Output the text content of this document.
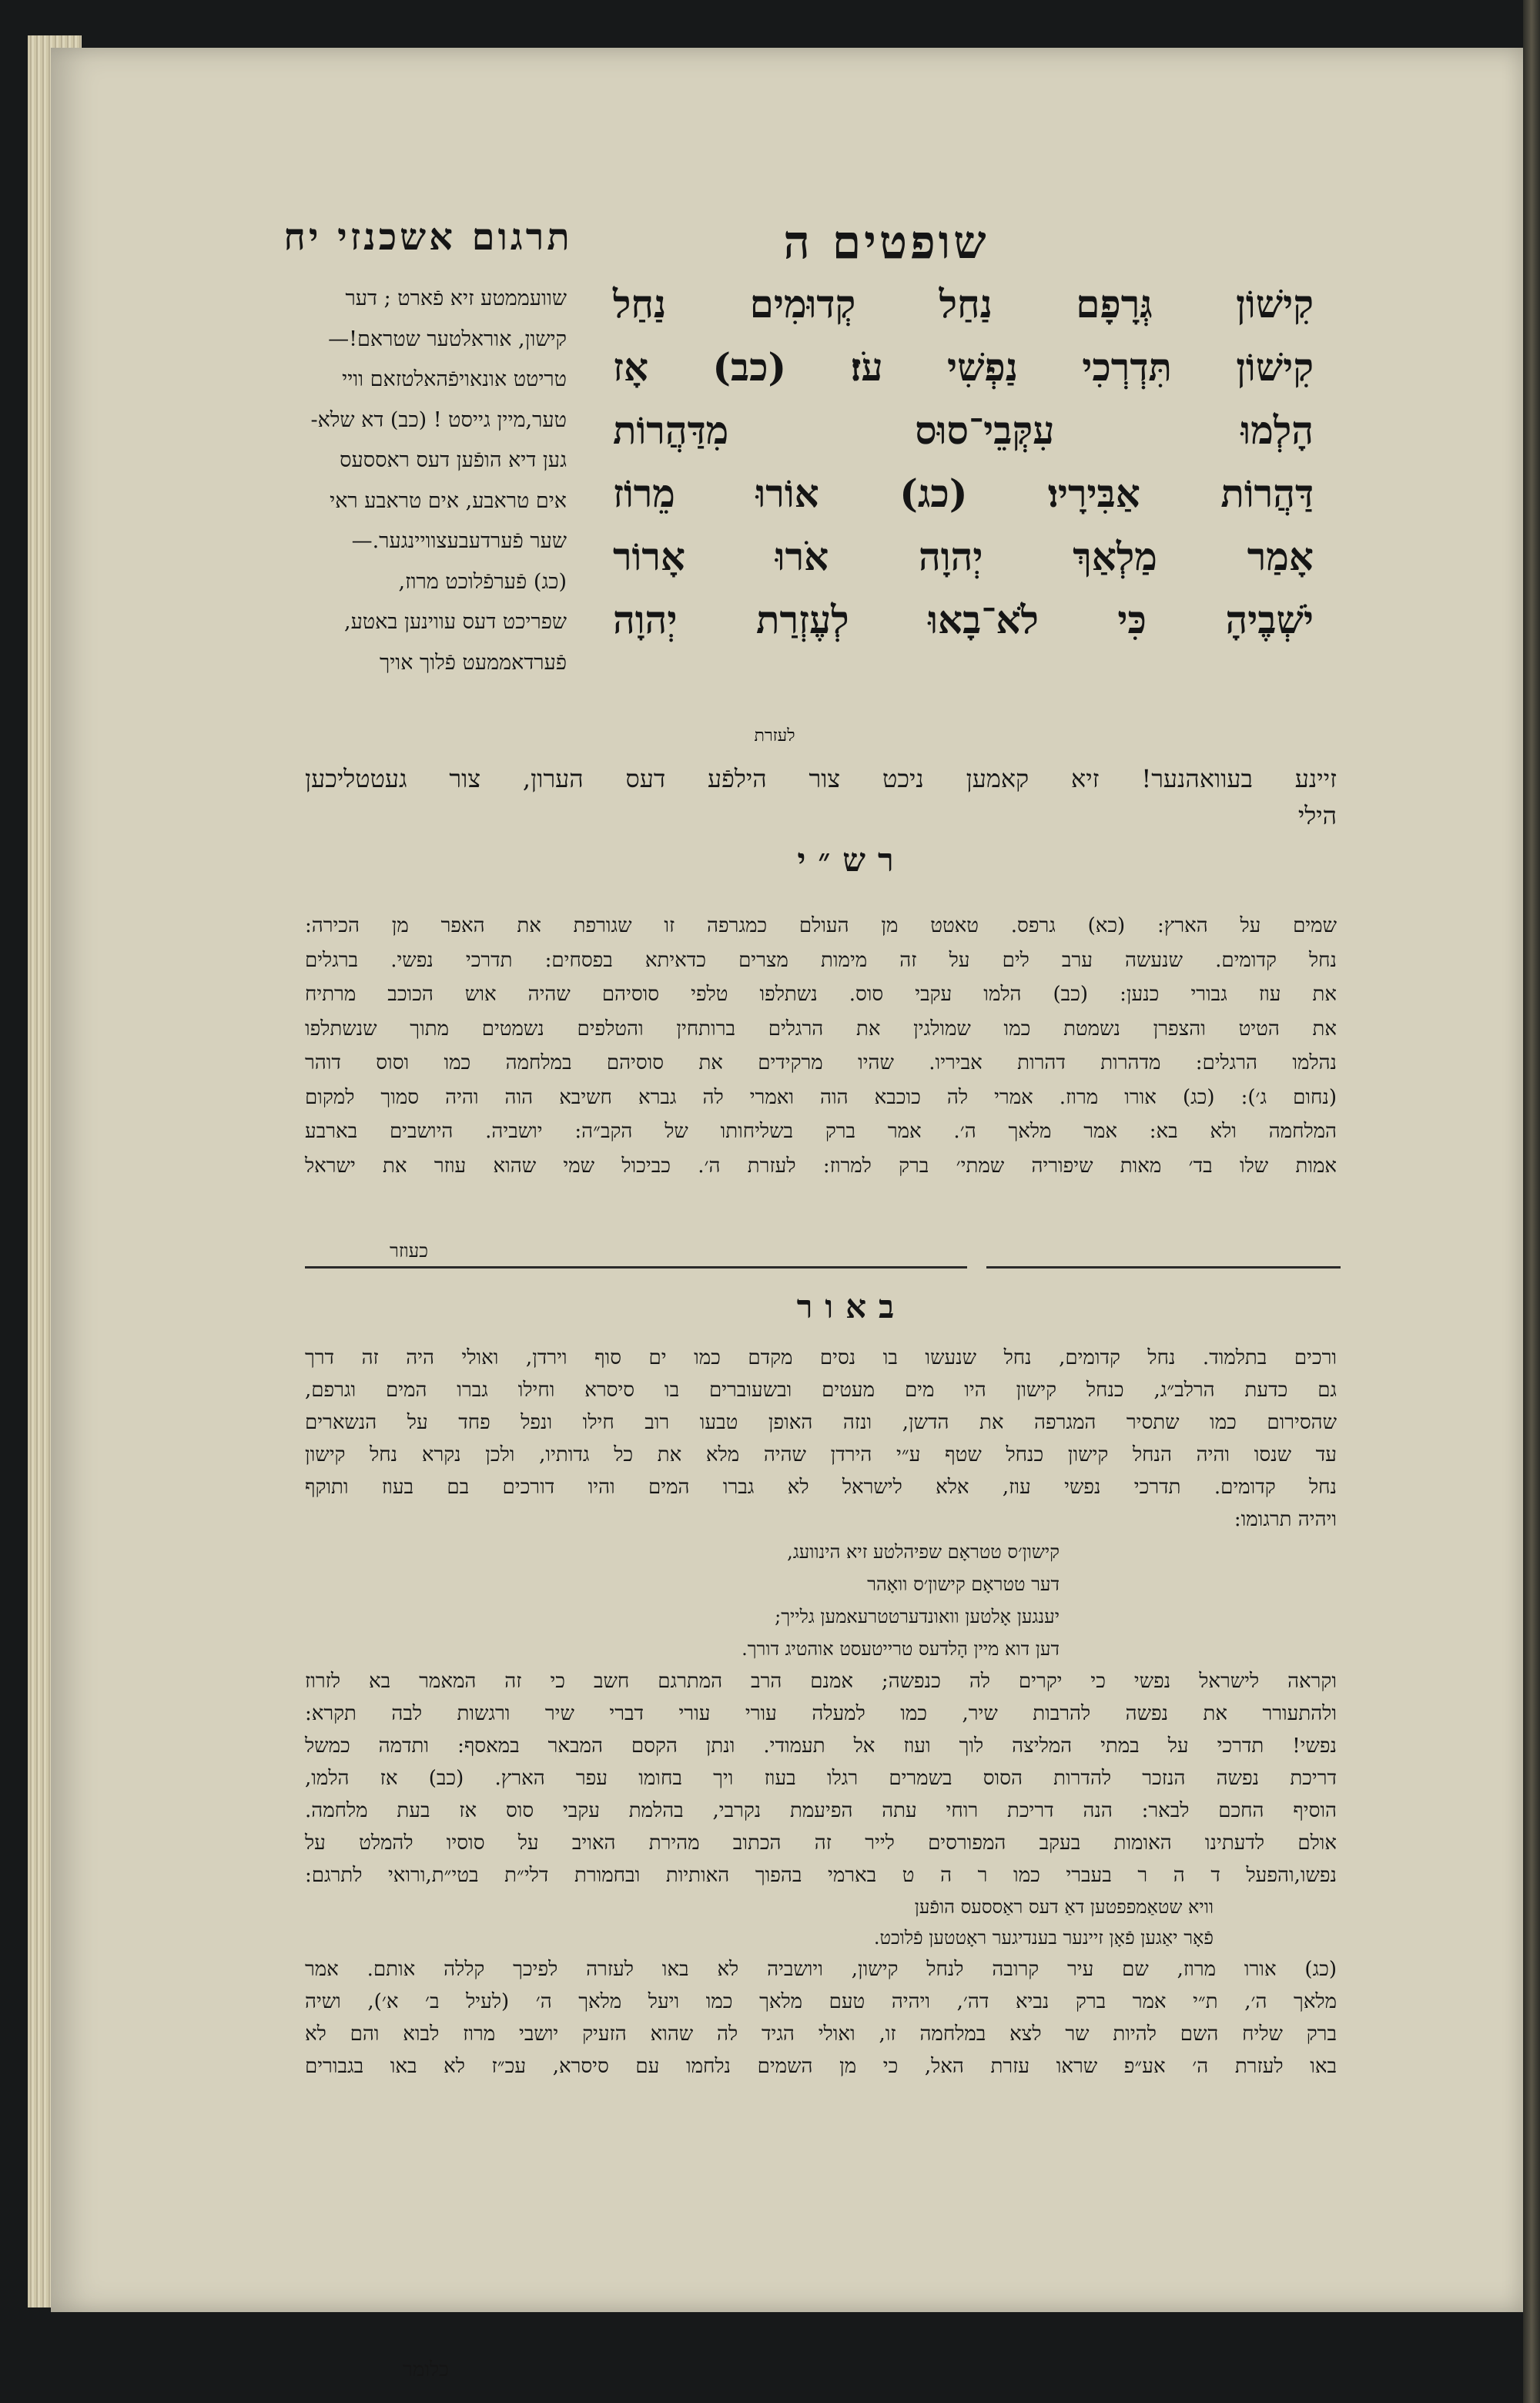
שופטים ה
תרגום אשכנזי יח
שוועממטע זיא פֿארט ; דער
קישון, אורא‍לטער שטראם!—
טריטט אונאויפֿהאלטזאם וויי
טער,מיין גייסט ! (כב) דא שלא-
גען דיא הופֿען דעס ראססעס
אים טראבע, אים טראבע ראי
שער פֿערדעבעצוויינגער.—
(כג) פֿערפֿלוכט מרוז,
שפריכט דעס עווינען באטע,
פֿערדאממעט פֿלוך אויך
קִישׁוֹן גְּרָפָם נַחַל קְדוּמִים נַחַל
קִישׁוֹן תִּדְרְכִי נַפְשִׁי עֹז׃ (כב) אָז
הָלְמוּ עִקְּבֵי־סוּס מִדַּהֲרוֹת
דַּהֲרוֹת אַבִּירָיו׃ (כג) אוֹרוּ מֵרוֹז
אָמַר מַלְאַךְ יְהוָה אֹרוּ אָרוֹר
יֹשְׁבֶיהָ כִּי לֹא־בָאוּ לְעֶזְרַת יְהוָה
לעזרת
זיינע בעוואהנער! זיא קאמען ניכט צור הילפֿע דעס הערון, צור געטטליכען
הילי
רש״י
שמים על הארץ: (כא) גרפס. טאטט מן העולם כמגרפה זו שגורפת את האפר מן הכירה:
נחל קדומים. שנעשה ערב לים על זה מימות מצרים כדאיתא בפסחים: תדרכי נפשי. ברגלים
את עוז גבורי כנען: (כב) הלמו עקבי סוס. נשתלפו טלפי סוסיהם שהיה אוש הכוכב מרתיח
את הטיט והצפרן נשמטת כמו שמולגין את הרגלים ברותחין והטלפים נשמטים מתוך שנשתלפו
נהלמו הרגלים: מדהרות דהרות אביריו. שהיו מרקידים את סוסיהם במלחמה כמו וסוס דוהר
(נחום ג׳): (כג) אורו מרוז. אמרי לה כוכבא הוה ואמרי לה גברא חשיבא הוה והיה סמוך למקום
המלחמה ולא בא: אמר מלאך ה׳. אמר ברק בשליחותו של הקב״ה: יושביה. היושבים בארבע
אמות שלו בד׳ מאות שיפוריה שמתי׳ ברק למרוז: לעזרת ה׳. כביכול שמי שהוא עוזר את ישראל
כעוזר
באור
ורכים בתלמוד. נחל קדומים, נחל שנעשו בו נסים מקדם כמו ים סוף וירדן, ואולי היה זה דרך
גם כדעת הרלב״ג, כנחל קישון היו מים מעטים ובשעוברים בו סיסרא וחילו גברו המים וגרפם,
שהסירום כמו שתסיר המגרפה את הדשן, ונזה האופן טבעו רוב חילו ונפל פחד על הנשארים
עד שנסו והיה הנחל קישון כנחל שטף ע״י הירדן שהיה מלא את כל גדותיו, ולכן נקרא נחל קישון
נחל קדומים. תדרכי נפשי עוז, אלא לישראל לא גברו המים והיו דורכים בם בעוז ותוקף
ויהיה תרגומו:
קישון׳ס טטראָם שפיהלטע זיא הינוועג,
דער טטראָם קישון׳ס וואָהר
יענגען אָלטען וואונדערטטרעאמען גלייך;
דען דוא מיין הָלדעס טרייטעסט אוהטיג דורך.
וקראה לישראל נפשי כי יקרים לה כנפשה; אמנם הרב המתרגם חשב כי זה המאמר בא לזרוז
ולהתעורר את נפשה להרבות שיר, כמו למעלה עורי עורי דברי שיר ורגשות לבה תקרא:
נפשי! תדרכי על במתי המליצה לוך ועוז אל תעמודי. ונתן הקסם המבאר במאסף: ותדמה כמשל
דריכת נפשה הנזכר להדרות הסוס בשמרים רגלו בעוז ויך בחומו עפר הארץ. (כב) אז הלמו,
הוסיף החכם לבאר: הנה דריכת רוחי עתה הפיעמת נקרבי, בהלמת עקבי סוס אז בעת מלחמה.
אולם לדעתינו האומות בעקב המפורסים לייר זה הכתוב מהירת האויב על סוסיו להמלט על
נפשו,והפעל ד ה ר בעברי כמו ר ה ט בארמי בהפוך האותיות ובחמורת דלי״ת בטי״ת,ורואי לתרגם:
וויא שטאַמפפטען דאַ דעס ראַססעס הופֿען
פֿאָר יאַגען פֿאָן זיינער בענדיגער ראָטטען פֿלוכט.
(כג) אורו מרוז, שם עיר קרובה לנחל קישון, ויושביה לא באו לעזרה לפיכך קללה אותם. אמר
מלאך ה׳, ת״י אמר ברק נביא דה׳, ויהיה טעם מלאך כמו ויעל מלאך ה׳ (לעיל ב׳ א׳), ושיה
ברק שליח השם להיות שר לצא במלחמה זו, ואולי הגיד לה שהוא הזעיק יושבי מרוז לבוא והם לא
באו לעזרת ה׳ אע״פ שראו עזרת האל, כי מן השמים נלחמו עם סיסרא, עכ״ז לא באו בגבורים
כלומר
